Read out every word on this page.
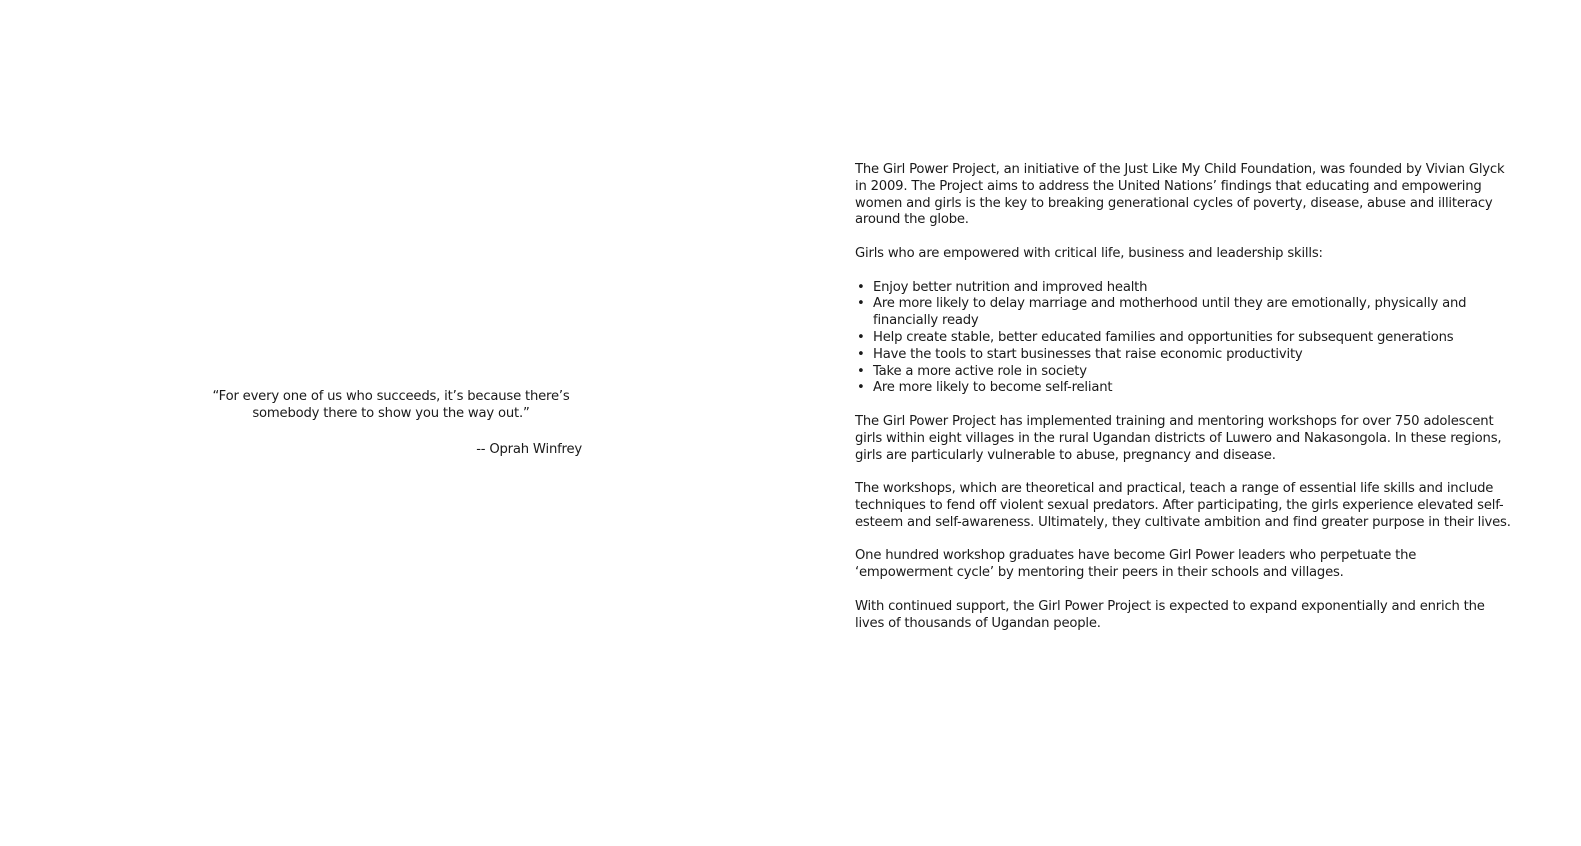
“For every one of us who succeeds, it’s because there’s somebody there to show you the way out.”

-- Oprah Winfrey

The Girl Power Project, an initiative of the Just Like My Child Foundation, was founded by Vivian Glyck in 2009. The Project aims to address the United Nations’ findings that educating and empowering women and girls is the key to breaking generational cycles of poverty, disease, abuse and illiteracy around the globe.

Girls who are empowered with critical life, business and leadership skills:

• Enjoy better nutrition and improved health
• Are more likely to delay marriage and motherhood until they are emotionally, physically and financially ready
• Help create stable, better educated families and opportunities for subsequent generations
• Have the tools to start businesses that raise economic productivity
• Take a more active role in society
• Are more likely to become self-reliant

The Girl Power Project has implemented training and mentoring workshops for over 750 adolescent girls within eight villages in the rural Ugandan districts of Luwero and Nakasongola. In these regions, girls are particularly vulnerable to abuse, pregnancy and disease.

The workshops, which are theoretical and practical, teach a range of essential life skills and include techniques to fend off violent sexual predators. After participating, the girls experience elevated self-esteem and self-awareness. Ultimately, they cultivate ambition and find greater purpose in their lives.

One hundred workshop graduates have become Girl Power leaders who perpetuate the ‘empowerment cycle’ by mentoring their peers in their schools and villages.

With continued support, the Girl Power Project is expected to expand exponentially and enrich the lives of thousands of Ugandan people.
